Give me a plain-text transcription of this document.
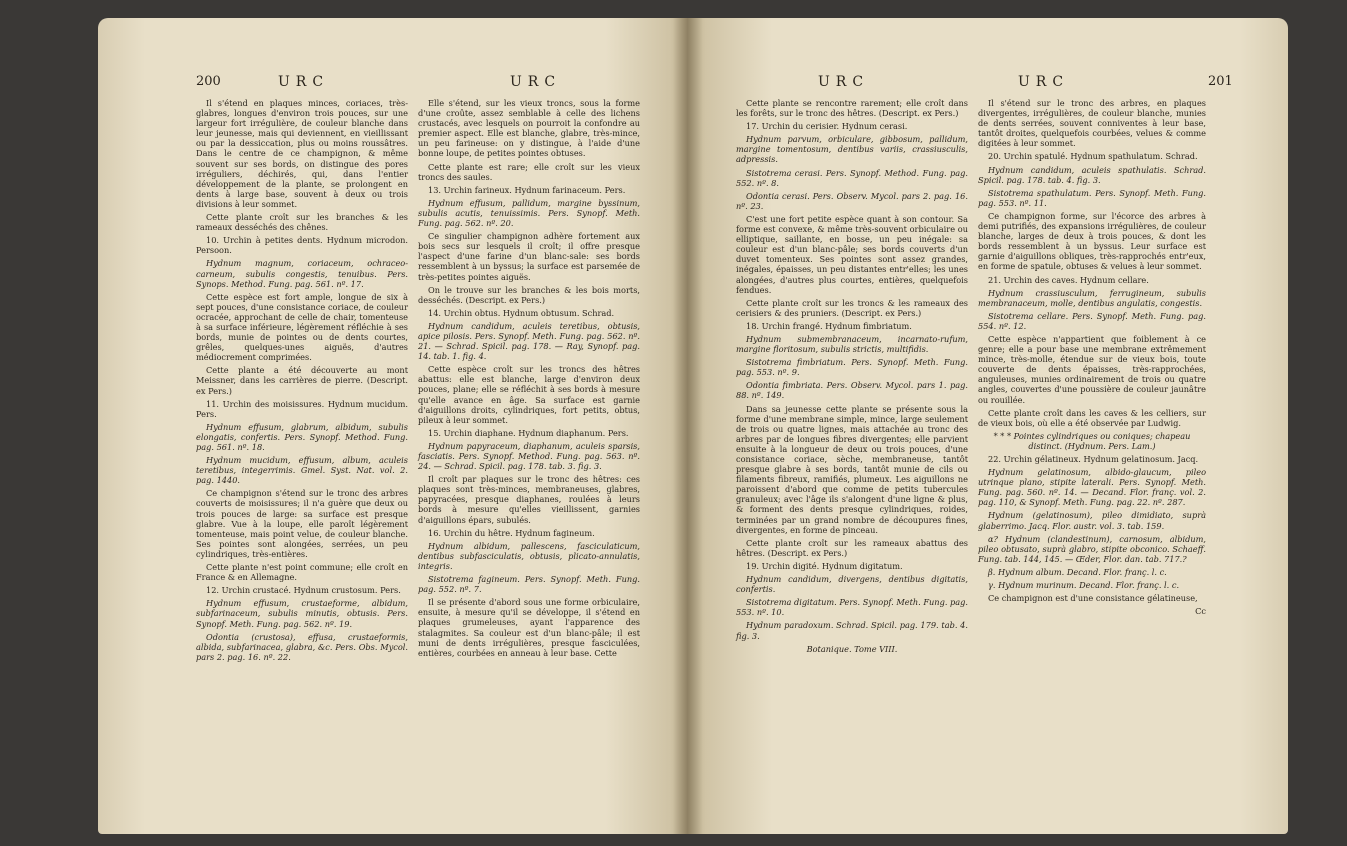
200	URC	URC

Il s'étend en plaques minces, coriaces, très-glabres, longues d'environ trois pouces, sur une largeur fort irrégulière, de couleur blanche dans leur jeunesse, mais qui deviennent, en vieillissant ou par la dessiccation, plus ou moins roussâtres. Dans le centre de ce champignon, & même souvent sur ses bords, on distingue des pores irréguliers, déchirés, qui, dans l'entier développement de la plante, se prolongent en dents à large base, souvent à deux ou trois divisions à leur sommet.

Cette plante croît sur les branches & les rameaux desséchés des chênes.

10. Urchin à petites dents. Hydnum microdon. Persoon.

Hydnum magnum, coriaceum, ochraceo-carneum, subulis congestis, tenuibus. Pers. Synops. Method. Fung. pag. 561. nº. 17.

Cette espèce est fort ample, longue de six à sept pouces, d'une consistance coriace, de couleur ocracée, approchant de celle de chair, tomenteuse à sa surface inférieure, légèrement réfléchie à ses bords, munie de pointes ou de dents courtes, grêles, quelques-unes aiguës, d'autres médiocrement comprimées.

Cette plante a été découverte au mont Meissner, dans les carrières de pierre. (Descript. ex Pers.)

11. Urchin des moisissures. Hydnum mucidum. Pers.

Hydnum effusum, glabrum, albidum, subulis elongatis, confertis. Pers. Synopf. Method. Fung. pag. 561. nº. 18.

Hydnum mucidum, effusum, album, aculeis teretibus, integerrimis. Gmel. Syst. Nat. vol. 2. pag. 1440.

Ce champignon s'étend sur le tronc des arbres couverts de moisissures; il n'a guère que deux ou trois pouces de large: sa surface est presque glabre. Vue à la loupe, elle paroît légèrement tomenteuse, mais point velue, de couleur blanche. Ses pointes sont alongées, serrées, un peu cylindriques, très-entières.

Cette plante n'est point commune; elle croît en France & en Allemagne.

12. Urchin crustacé. Hydnum crustosum. Pers.

Hydnum effusum, crustaeforme, albidum, subfarinaceum, subulis minutis, obtusis. Pers. Synopf. Meth. Fung. pag. 562. nº. 19.

Odontia (crustosa), effusa, crustaeformis, albida, subfarinacea, glabra, &c. Pers. Obs. Mycol. pars 2. pag. 16. nº. 22.

Elle s'étend, sur les vieux troncs, sous la forme d'une croûte, assez semblable à celle des lichens crustacés, avec lesquels on pourroit la confondre au premier aspect. Elle est blanche, glabre, très-mince, un peu farineuse: on y distingue, à l'aide d'une bonne loupe, de petites pointes obtuses.

Cette plante est rare; elle croît sur les vieux troncs des saules.

13. Urchin farineux. Hydnum farinaceum. Pers.

Hydnum effusum, pallidum, margine byssinum, subulis acutis, tenuissimis. Pers. Synopf. Meth. Fung. pag. 562. nº. 20.

Ce singulier champignon adhère fortement aux bois secs sur lesquels il croît; il offre presque l'aspect d'une farine d'un blanc-sale: ses bords ressemblent à un byssus; la surface est parsemée de très-petites pointes aiguës.

On le trouve sur les branches & les bois morts, desséchés. (Descript. ex Pers.)

14. Urchin obtus. Hydnum obtusum. Schrad.

Hydnum candidum, aculeis teretibus, obtusis, apice pilosis. Pers. Synopf. Meth. Fung. pag. 562. nº. 21. — Schrad. Spicil. pag. 178. — Ray, Synopf. pag. 14. tab. 1. fig. 4.

Cette espèce croît sur les troncs des hêtres abattus: elle est blanche, large d'environ deux pouces, plane; elle se réfléchit à ses bords à mesure qu'elle avance en âge. Sa surface est garnie d'aiguillons droits, cylindriques, fort petits, obtus, pileux à leur sommet.

15. Urchin diaphane. Hydnum diaphanum. Pers.

Hydnum papyraceum, diaphanum, aculeis sparsis, fasciatis. Pers. Synopf. Method. Fung. pag. 563. nº. 24. — Schrad. Spicil. pag. 178. tab. 3. fig. 3.

Il croît par plaques sur le tronc des hêtres: ces plaques sont très-minces, membraneuses, glabres, papyracées, presque diaphanes, roulées à leurs bords à mesure qu'elles vieillissent, garnies d'aiguillons épars, subulés.

16. Urchin du hêtre. Hydnum fagineum.

Hydnum albidum, pallescens, fasciculaticum, dentibus subfasciculatis, obtusis, plicato-annulatis, integris.

Sistotrema fagineum. Pers. Synopf. Meth. Fung. pag. 552. nº. 7.

Il se présente d'abord sous une forme orbiculaire, ensuite, à mesure qu'il se développe, il s'étend en plaques grumeleuses, ayant l'apparence des stalagmites. Sa couleur est d'un blanc-pâle; il est muni de dents irrégulières, presque fasciculées, entières, courbées en anneau à leur base. Cette

URC	URC	201

Cette plante se rencontre rarement; elle croît dans les forêts, sur le tronc des hêtres. (Descript. ex Pers.)

17. Urchin du cerisier. Hydnum cerasi.

Hydnum parvum, orbiculare, gibbosum, pallidum, margine tomentosum, dentibus variis, crassiusculis, adpressis.

Sistotrema cerasi. Pers. Synopf. Method. Fung. pag. 552. nº. 8.

Odontia cerasi. Pers. Observ. Mycol. pars 2. pag. 16. nº. 23.

C'est une fort petite espèce quant à son contour. Sa forme est convexe, & même très-souvent orbiculaire ou elliptique, saillante, en bosse, un peu inégale: sa couleur est d'un blanc-pâle; ses bords couverts d'un duvet tomenteux. Ses pointes sont assez grandes, inégales, épaisses, un peu distantes entr'elles; les unes alongées, d'autres plus courtes, entières, quelquefois fendues.

Cette plante croît sur les troncs & les rameaux des cerisiers & des pruniers. (Descript. ex Pers.)

18. Urchin frangé. Hydnum fimbriatum.

Hydnum submembranaceum, incarnato-rufum, margine floritosum, subulis strictis, multifidis.

Sistotrema fimbriatum. Pers. Synopf. Meth. Fung. pag. 553. nº. 9.

Odontia fimbriata. Pers. Observ. Mycol. pars 1. pag. 88. nº. 149.

Dans sa jeunesse cette plante se présente sous la forme d'une membrane simple, mince, large seulement de trois ou quatre lignes, mais attachée au tronc des arbres par de longues fibres divergentes; elle parvient ensuite à la longueur de deux ou trois pouces, d'une consistance coriace, sèche, membraneuse, tantôt presque glabre à ses bords, tantôt munie de cils ou filaments fibreux, ramifiés, plumeux. Les aiguillons ne paroissent d'abord que comme de petits tubercules granuleux; avec l'âge ils s'alongent d'une ligne & plus, & forment des dents presque cylindriques, roides, terminées par un grand nombre de découpures fines, divergentes, en forme de pinceau.

Cette plante croît sur les rameaux abattus des hêtres. (Descript. ex Pers.)

19. Urchin digité. Hydnum digitatum.

Hydnum candidum, divergens, dentibus digitatis, confertis.

Sistotrema digitatum. Pers. Synopf. Meth. Fung. pag. 553. nº. 10.

Hydnum paradoxum. Schrad. Spicil. pag. 179. tab. 4. fig. 3.

Botanique. Tome VIII.

Il s'étend sur le tronc des arbres, en plaques divergentes, irrégulières, de couleur blanche, munies de dents serrées, souvent conniventes à leur base, tantôt droites, quelquefois courbées, velues & comme digitées à leur sommet.

20. Urchin spatulé. Hydnum spathulatum. Schrad.

Hydnum candidum, aculeis spathulatis. Schrad. Spicil. pag. 178. tab. 4. fig. 3.

Sistotrema spathulatum. Pers. Synopf. Meth. Fung. pag. 553. nº. 11.

Ce champignon forme, sur l'écorce des arbres à demi putrifiés, des expansions irrégulières, de couleur blanche, larges de deux à trois pouces, & dont les bords ressemblent à un byssus. Leur surface est garnie d'aiguillons obliques, très-rapprochés entr'eux, en forme de spatule, obtuses & velues à leur sommet.

21. Urchin des caves. Hydnum cellare.

Hydnum crassiusculum, ferrugineum, subulis membranaceum, molle, dentibus angulatis, congestis.

Sistotrema cellare. Pers. Synopf. Meth. Fung. pag. 554. nº. 12.

Cette espèce n'appartient que foiblement à ce genre; elle a pour base une membrane extrêmement mince, très-molle, étendue sur de vieux bois, toute couverte de dents épaisses, très-rapprochées, anguleuses, munies ordinairement de trois ou quatre angles, couvertes d'une poussière de couleur jaunâtre ou rouillée.

Cette plante croît dans les caves & les celliers, sur de vieux bois, où elle a été observée par Ludwig.

* * * Pointes cylindriques ou coniques; chapeau distinct. (Hydnum. Pers. Lam.)

22. Urchin gélatineux. Hydnum gelatinosum. Jacq.

Hydnum gelatinosum, albido-glaucum, pileo utrinque plano, stipite laterali. Pers. Synopf. Meth. Fung. pag. 560. nº. 14. — Decand. Flor. franç. vol. 2. pag. 110, & Synopf. Meth. Fung. pag. 22. nº. 287.

Hydnum (gelatinosum), pileo dimidiato, suprà glaberrimo. Jacq. Flor. austr. vol. 3. tab. 159.

α? Hydnum (clandestinum), carnosum, albidum, pileo obtusato, suprà glabro, stipite obconico. Schaeff. Fung. tab. 144, 145. — Œder, Flor. dan. tab. 717.?

β. Hydnum album. Decand. Flor. franç. l. c.

γ. Hydnum murinum. Decand. Flor. franç. l. c.

Ce champignon est d'une consistance gélatineuse,

Cc
